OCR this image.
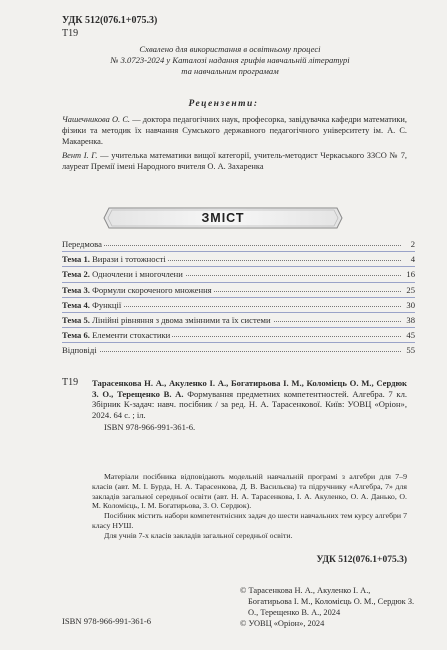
УДК 512(076.1+075.3)
Т19
Схвалено для використання в освітньому процесі
№ 3.0723-2024 у Каталозі надання грифів навчальній літературі
та навчальним програмам
Рецензенти:
Чашечникова О. С. — доктора педагогічних наук, професорка, завідувачка кафедри математики, фізики та методик їх навчання Сумського державного педагогічного університету ім. А. С. Макаренка.
Вент І. Г. — учителька математики вищої категорії, учитель-методист Черкаського ЗЗСО № 7, лауреат Премії імені Народного вчителя О. А. Захаренка
ЗМІСТ
Передмова	2
Тема 1. Вирази і тотожності	4
Тема 2. Одночлени і многочлени	16
Тема 3. Формули скороченого множення	25
Тема 4. Функції	30
Тема 5. Лінійні рівняння з двома змінними та їх системи	38
Тема 6. Елементи стохастики	45
Відповіді	55
Т19 Тарасенкова Н. А., Акуленко І. А., Богатирьова І. М., Коломієць О. М., Сердюк З. О., Терещенко В. А. Формування предметних компетентностей. Алгебра. 7 кл. Збірник К-задач: навч. посібник / за ред. Н. А. Тарасенкової. Київ: УОВЦ «Оріон», 2024. 64 с. ; іл.
ISBN 978-966-991-361-6.

Матеріали посібника відповідають модельній навчальній програмі з алгебри для 7–9 класів (авт. М. І. Бурда, Н. А. Тарасенкова, Д. В. Васильєва) та підручнику «Алгебра, 7» для закладів загальної середньої освіти (авт. Н. А. Тарасенкова, І. А. Акуленко, О. А. Данько, О. М. Коломієць, І. М. Богатирьова, З. О. Сердюк).

Посібник містить набори компетентнісних задач до шести навчальних тем курсу алгебри 7 класу НУШ.

Для учнів 7-х класів закладів загальної середньої освіти.

УДК 512(076.1+075.3)
© Тарасенкова Н. А., Акуленко І. А., Богатирьова І. М., Коломієць О. М., Сердюк З. О., Терещенко В. А., 2024
© УОВЦ «Оріон», 2024
ISBN 978-966-991-361-6
